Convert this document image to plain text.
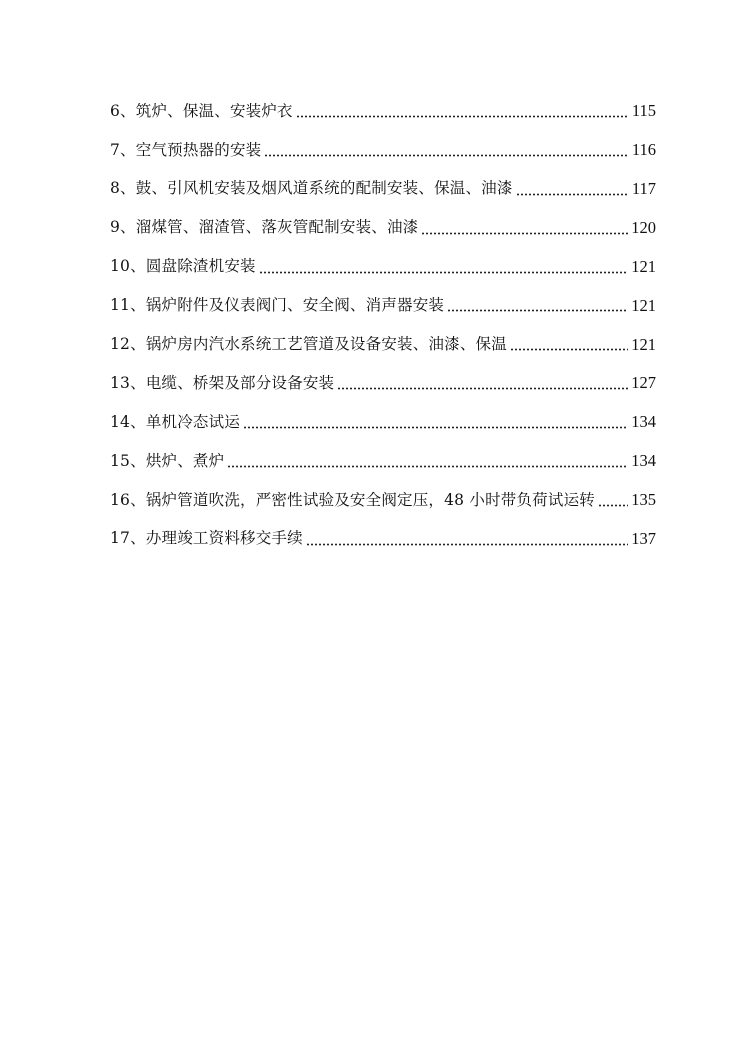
6、筑炉、保温、安装炉衣	115
7、空气预热器的安装	116
8、鼓、引风机安装及烟风道系统的配制安装、保温、油漆	117
9、溜煤管、溜渣管、落灰管配制安装、油漆	120
10、圆盘除渣机安装	121
11、锅炉附件及仪表阀门、安全阀、消声器安装	121
12、锅炉房内汽水系统工艺管道及设备安装、油漆、保温	121
13、电缆、桥架及部分设备安装	127
14、单机冷态试运	134
15、烘炉、煮炉	134
16、锅炉管道吹洗，严密性试验及安全阀定压，48 小时带负荷试运转 135
17、办理竣工资料移交手续	137
